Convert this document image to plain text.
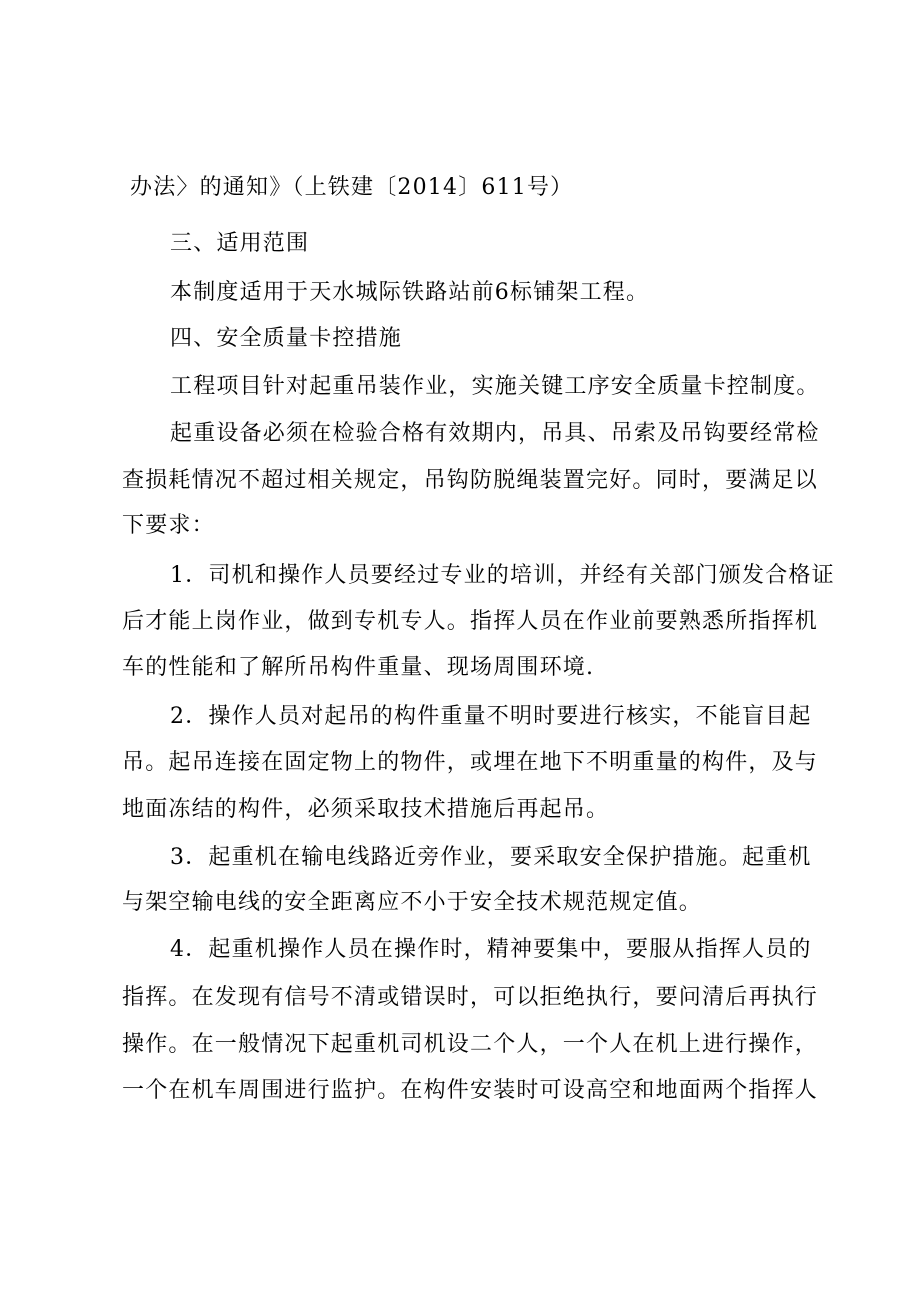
办法〉的通知》（上铁建〔2014〕611号）
三、适用范围
本制度适用于天水城际铁路站前6标铺架工程。
四、安全质量卡控措施
工程项目针对起重吊装作业，实施关键工序安全质量卡控制度。
起重设备必须在检验合格有效期内，吊具、吊索及吊钩要经常检
查损耗情况不超过相关规定，吊钩防脱绳装置完好。同时，要满足以
下要求：
1．司机和操作人员要经过专业的培训，并经有关部门颁发合格证
后才能上岗作业，做到专机专人。指挥人员在作业前要熟悉所指挥机
车的性能和了解所吊构件重量、现场周围环境.
2．操作人员对起吊的构件重量不明时要进行核实，不能盲目起
吊。起吊连接在固定物上的物件，或埋在地下不明重量的构件，及与
地面冻结的构件，必须采取技术措施后再起吊。
3．起重机在输电线路近旁作业，要采取安全保护措施。起重机
与架空输电线的安全距离应不小于安全技术规范规定值。
4．起重机操作人员在操作时，精神要集中，要服从指挥人员的
指挥。在发现有信号不清或错误时，可以拒绝执行，要问清后再执行
操作。在一般情况下起重机司机设二个人，一个人在机上进行操作，
一个在机车周围进行监护。在构件安装时可设高空和地面两个指挥人
